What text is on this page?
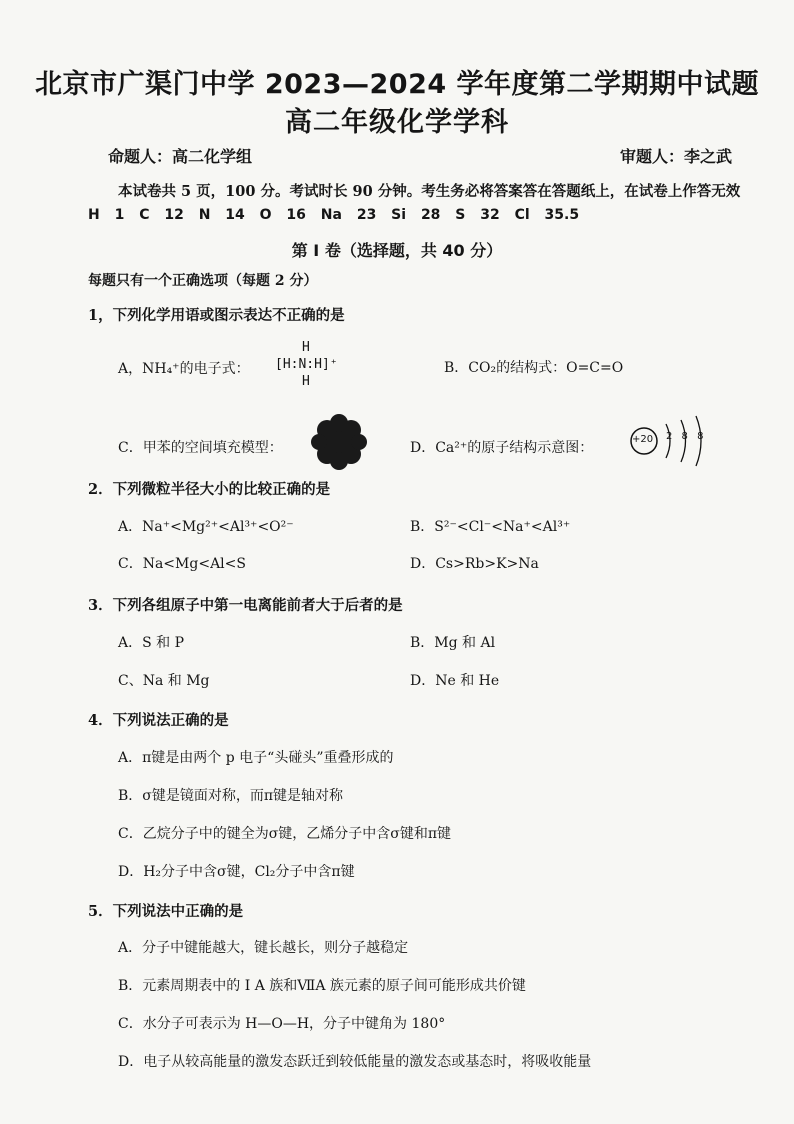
北京市广渠门中学 2023—2024 学年度第二学期期中试题
高二年级化学学科
命题人：高二化学组	审题人：李之武
本试卷共 5 页，100 分。考试时长 90 分钟。考生务必将答案答在答题纸上，在试卷上作答无效
H 1 C 12 N 14 O 16 Na 23 Si 28 S 32 Cl 35.5
第 I 卷（选择题，共 40 分）
每题只有一个正确选项（每题 2 分）
1，下列化学用语或图示表达不正确的是
A，NH₄⁺的电子式：
H
[H:N:H]⁺
H
B．CO₂的结构式：O=C=O
C．甲苯的空间填充模型：	D．Ca²⁺的原子结构示意图：
+20 2 8 8
2．下列微粒半径大小的比较正确的是
A．Na⁺<Mg²⁺<Al³⁺<O²⁻	B．S²⁻<Cl⁻<Na⁺<Al³⁺
C．Na<Mg<Al<S	D．Cs>Rb>K>Na
3．下列各组原子中第一电离能前者大于后者的是
A．S 和 P	B．Mg 和 Al
C、Na 和 Mg	D．Ne 和 He
4．下列说法正确的是
A．π键是由两个 p 电子“头碰头”重叠形成的
B．σ键是镜面对称，而π键是轴对称
C．乙烷分子中的键全为σ键，乙烯分子中含σ键和π键
D．H₂分子中含σ键，Cl₂分子中含π键
5．下列说法中正确的是
A．分子中键能越大，键长越长，则分子越稳定
B．元素周期表中的 I A 族和ⅦA 族元素的原子间可能形成共价键
C．水分子可表示为 H—O—H，分子中键角为 180°
D．电子从较高能量的激发态跃迁到较低能量的激发态或基态时，将吸收能量
